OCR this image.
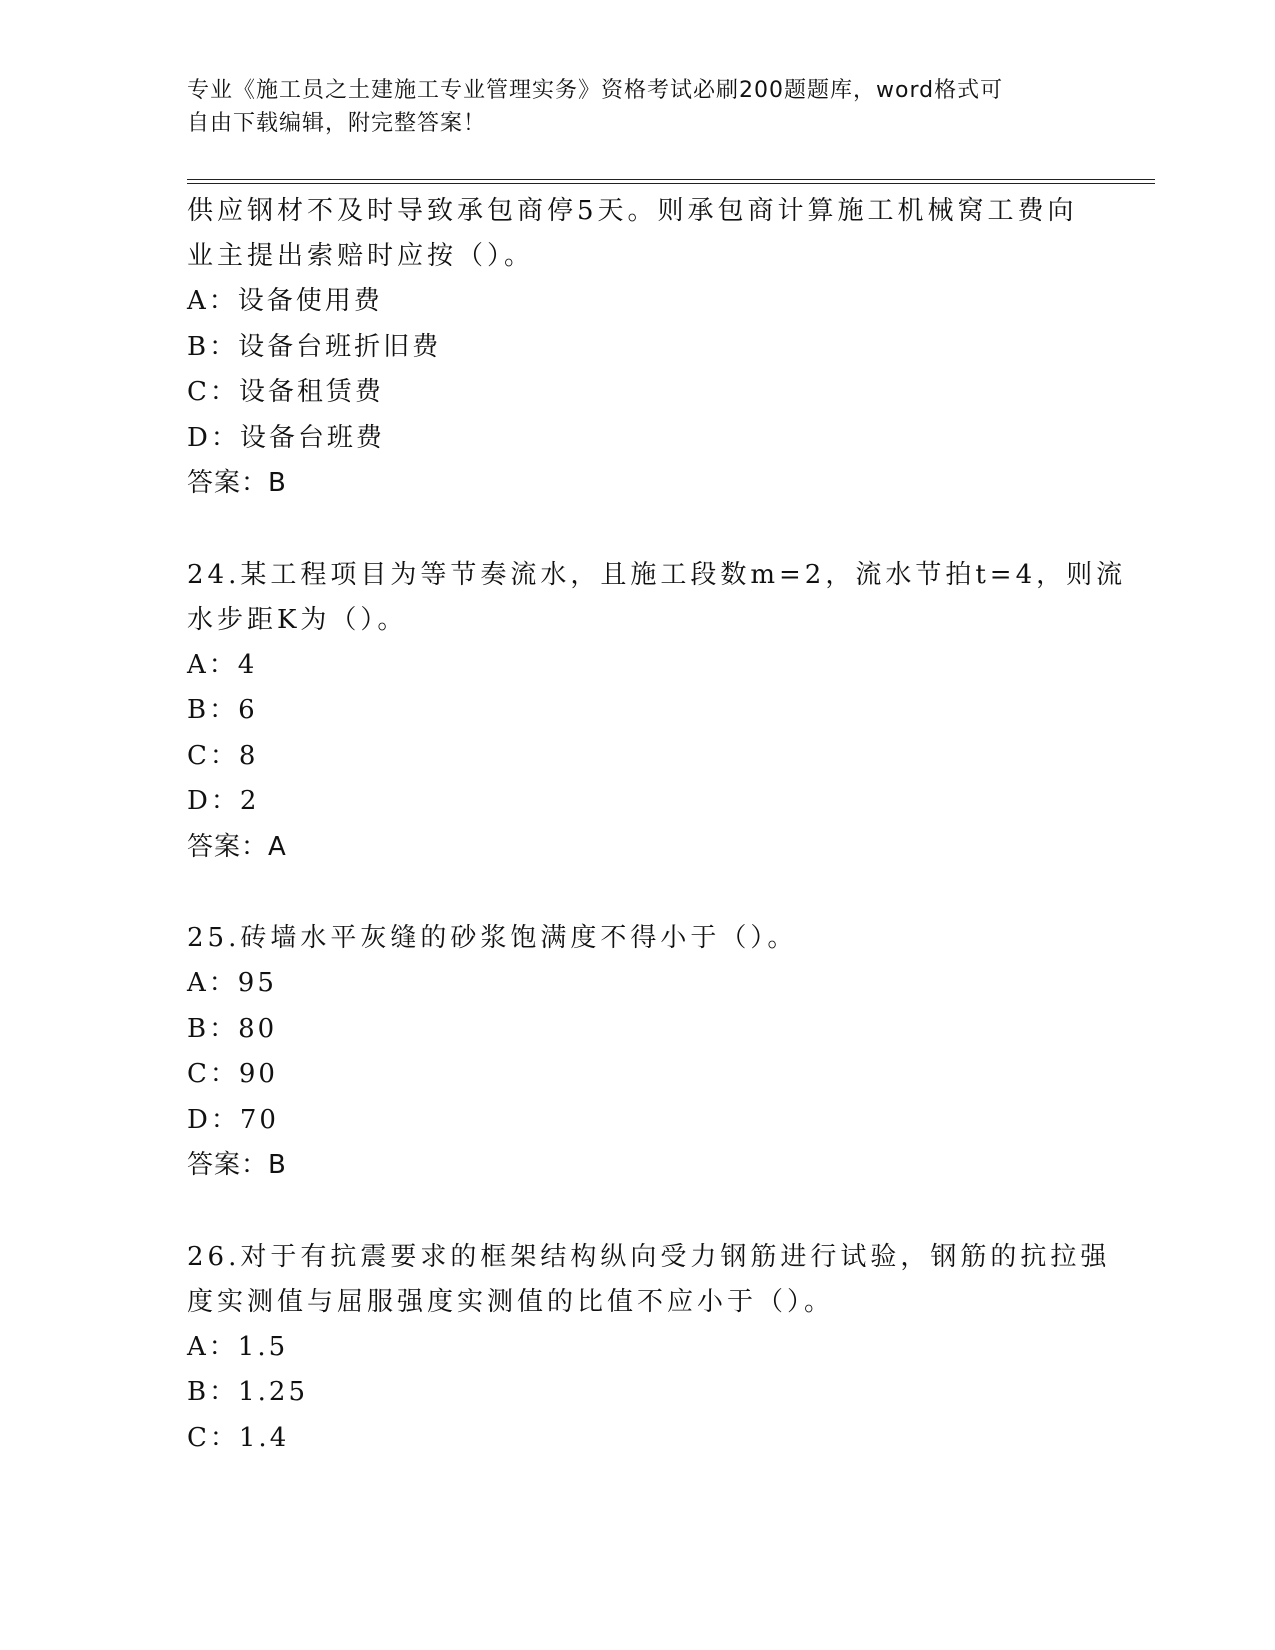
专业《施工员之土建施工专业管理实务》资格考试必刷200题题库，word格式可
自由下载编辑，附完整答案！
供应钢材不及时导致承包商停5天。则承包商计算施工机械窝工费向
业主提出索赔时应按（）。
A：设备使用费
B：设备台班折旧费
C：设备租赁费
D：设备台班费
答案：B
24.某工程项目为等节奏流水，且施工段数m=2，流水节拍t=4，则流
水步距K为（）。
A：4
B：6
C：8
D：2
答案：A
25.砖墙水平灰缝的砂浆饱满度不得小于（）。
A：95
B：80
C：90
D：70
答案：B
26.对于有抗震要求的框架结构纵向受力钢筋进行试验，钢筋的抗拉强
度实测值与屈服强度实测值的比值不应小于（）。
A：1.5
B：1.25
C：1.4
